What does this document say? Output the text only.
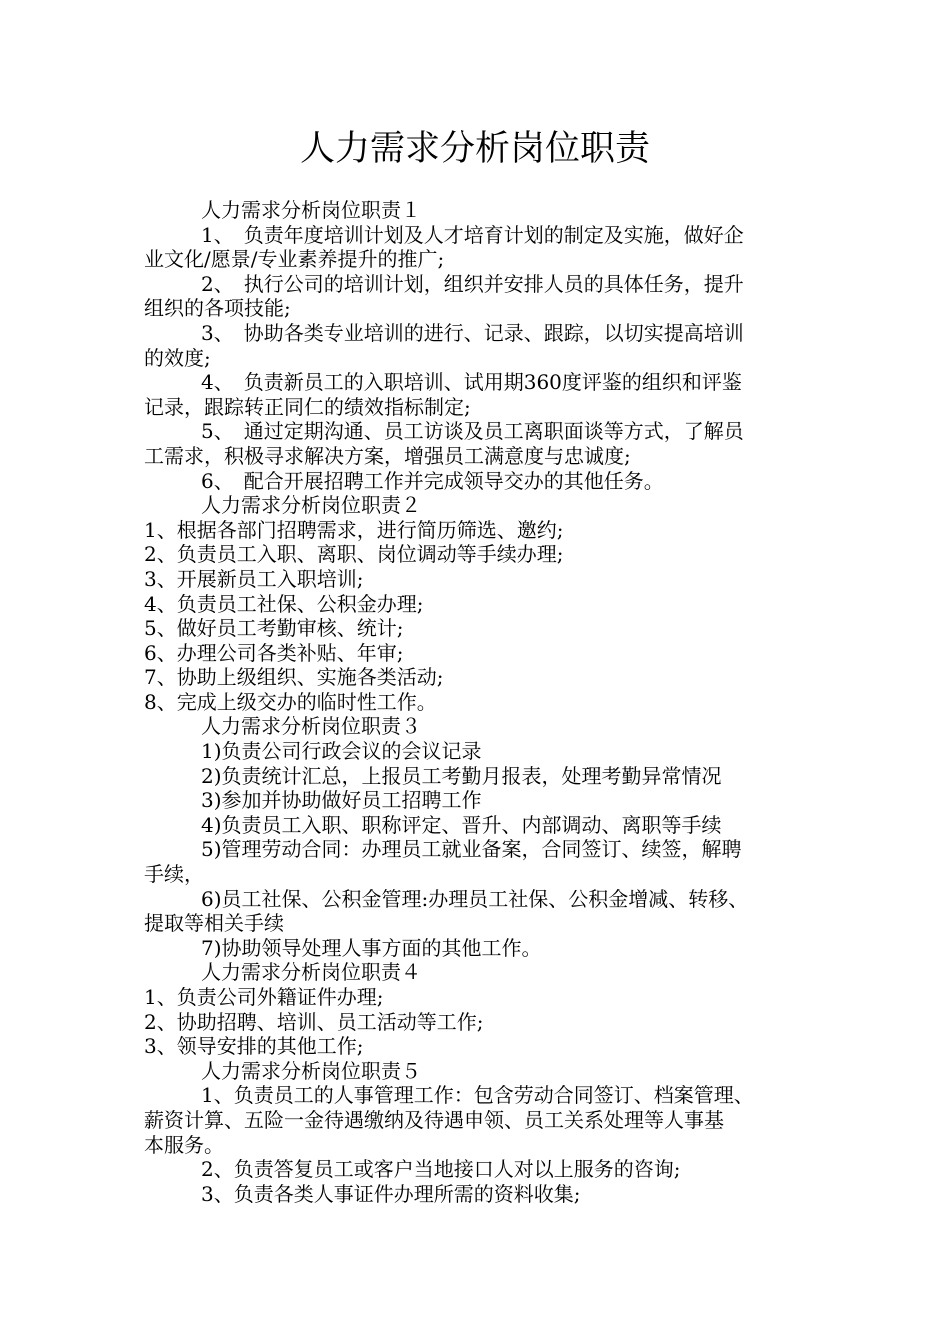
人力需求分析岗位职责
人力需求分析岗位职责１
1、　负责年度培训计划及人才培育计划的制定及实施，做好企
业文化/愿景/专业素养提升的推广;
2、　执行公司的培训计划，组织并安排人员的具体任务，提升
组织的各项技能;
3、　协助各类专业培训的进行、记录、跟踪，以切实提高培训
的效度;
4、　负责新员工的入职培训、试用期360度评鉴的组织和评鉴
记录，跟踪转正同仁的绩效指标制定;
5、　通过定期沟通、员工访谈及员工离职面谈等方式，了解员
工需求，积极寻求解决方案，增强员工满意度与忠诚度;
6、　配合开展招聘工作并完成领导交办的其他任务。
人力需求分析岗位职责２
1、根据各部门招聘需求，进行简历筛选、邀约;
2、负责员工入职、离职、岗位调动等手续办理;
3、开展新员工入职培训;
4、负责员工社保、公积金办理;
5、做好员工考勤审核、统计;
6、办理公司各类补贴、年审;
7、协助上级组织、实施各类活动;
8、完成上级交办的临时性工作。
人力需求分析岗位职责３
1)负责公司行政会议的会议记录
2)负责统计汇总，上报员工考勤月报表，处理考勤异常情况
3)参加并协助做好员工招聘工作
4)负责员工入职、职称评定、晋升、内部调动、离职等手续
5)管理劳动合同：办理员工就业备案，合同签订、续签，解聘
手续，
6)员工社保、公积金管理:办理员工社保、公积金增减、转移、
提取等相关手续
7)协助领导处理人事方面的其他工作。
人力需求分析岗位职责４
1、负责公司外籍证件办理;
2、协助招聘、培训、员工活动等工作;
3、领导安排的其他工作;
人力需求分析岗位职责５
1、负责员工的人事管理工作：包含劳动合同签订、档案管理、
薪资计算、五险一金待遇缴纳及待遇申领、员工关系处理等人事基
本服务。
2、负责答复员工或客户当地接口人对以上服务的咨询;
3、负责各类人事证件办理所需的资料收集;
